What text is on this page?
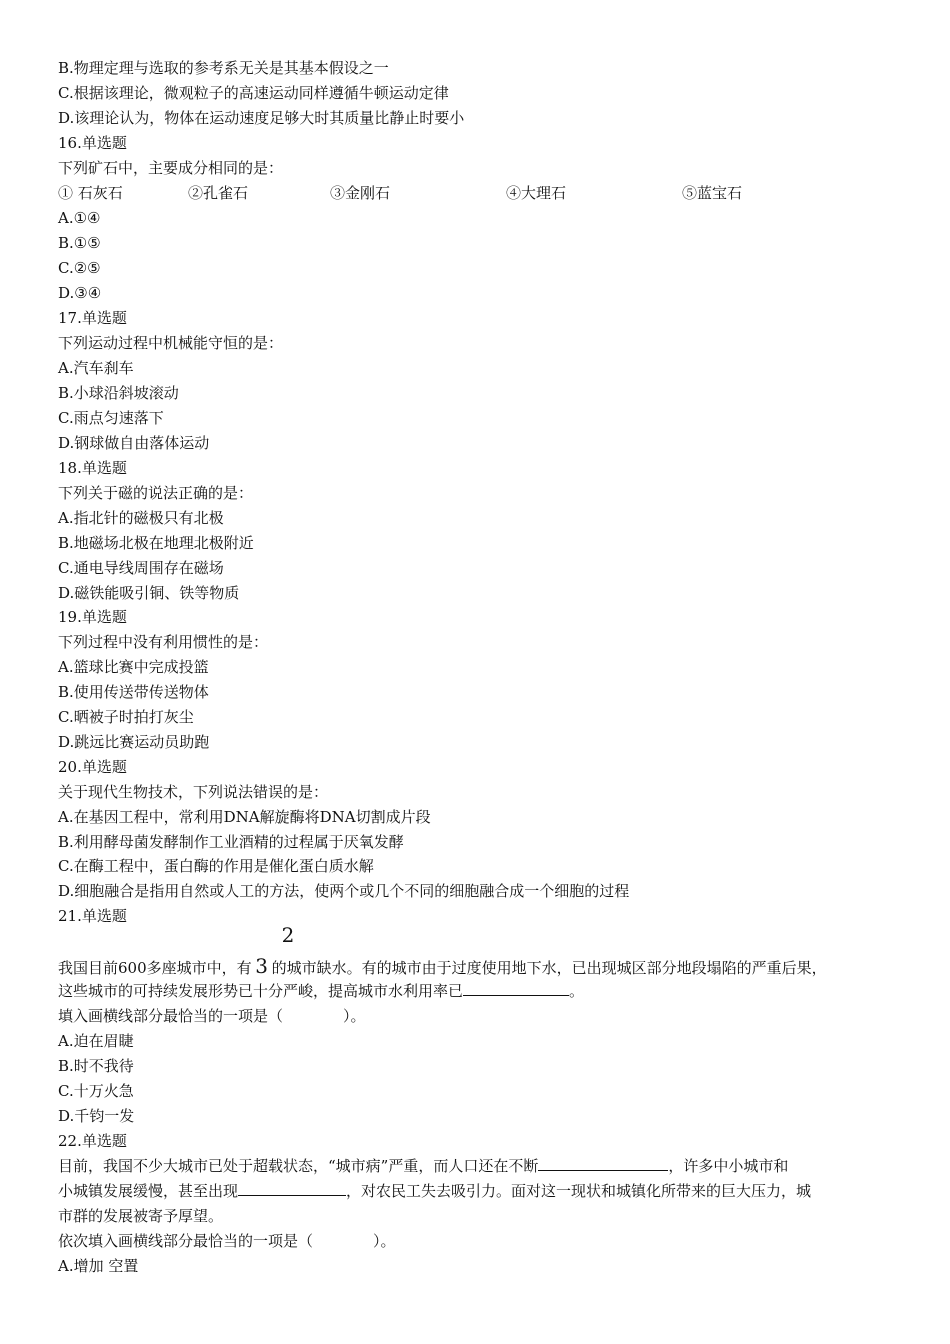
B.物理定理与选取的参考系无关是其基本假设之一
C.根据该理论，微观粒子的高速运动同样遵循牛顿运动定律
D.该理论认为，物体在运动速度足够大时其质量比静止时要小
16.单选题
下列矿石中，主要成分相同的是：
① 石灰石	②孔雀石	③金刚石	④大理石	⑤蓝宝石
A.①④
B.①⑤
C.②⑤
D.③④
17.单选题
下列运动过程中机械能守恒的是：
A.汽车刹车
B.小球沿斜坡滚动
C.雨点匀速落下
D.钢球做自由落体运动
18.单选题
下列关于磁的说法正确的是：
A.指北针的磁极只有北极
B.地磁场北极在地理北极附近
C.通电导线周围存在磁场
D.磁铁能吸引铜、铁等物质
19.单选题
下列过程中没有利用惯性的是：
A.篮球比赛中完成投篮
B.使用传送带传送物体
C.晒被子时拍打灰尘
D.跳远比赛运动员助跑
20.单选题
关于现代生物技术，下列说法错误的是：
A.在基因工程中，常利用DNA解旋酶将DNA切割成片段
B.利用酵母菌发酵制作工业酒精的过程属于厌氧发酵
C.在酶工程中，蛋白酶的作用是催化蛋白质水解
D.细胞融合是指用自然或人工的方法，使两个或几个不同的细胞融合成一个细胞的过程
21.单选题
2
我国目前600多座城市中，有 3 的城市缺水。有的城市由于过度使用地下水，已出现城区部分地段塌陷的严重后果，
这些城市的可持续发展形势已十分严峻，提高城市水利用率已	。
填入画横线部分最恰当的一项是（　　　　）。
A.迫在眉睫
B.时不我待
C.十万火急
D.千钧一发
22.单选题
目前，我国不少大城市已处于超载状态，“城市病”严重，而人口还在不断	，许多中小城市和
小城镇发展缓慢，甚至出现	，对农民工失去吸引力。面对这一现状和城镇化所带来的巨大压力，城
市群的发展被寄予厚望。
依次填入画横线部分最恰当的一项是（　　　　）。
A.增加 空置
